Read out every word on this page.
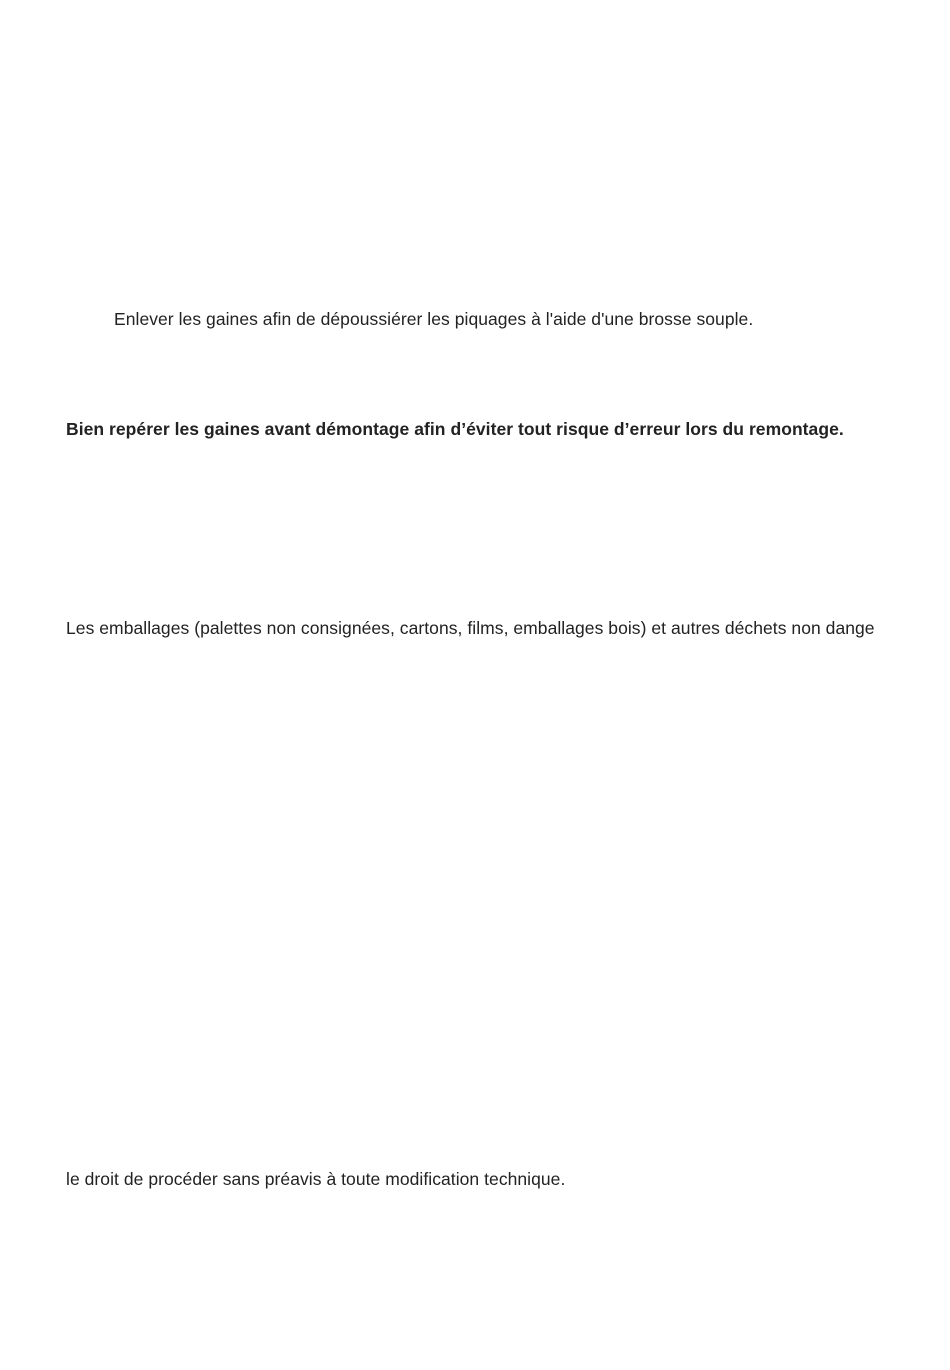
Enlever les gaines afin de dépoussiérer les piquages à l'aide d'une brosse souple.

Bien repérer les gaines avant démontage afin d’éviter tout risque d’erreur lors du remontage.

Les emballages (palettes non consignées, cartons, films, emballages bois) et autres déchets non dange

le droit de procéder sans préavis à toute modification technique.
